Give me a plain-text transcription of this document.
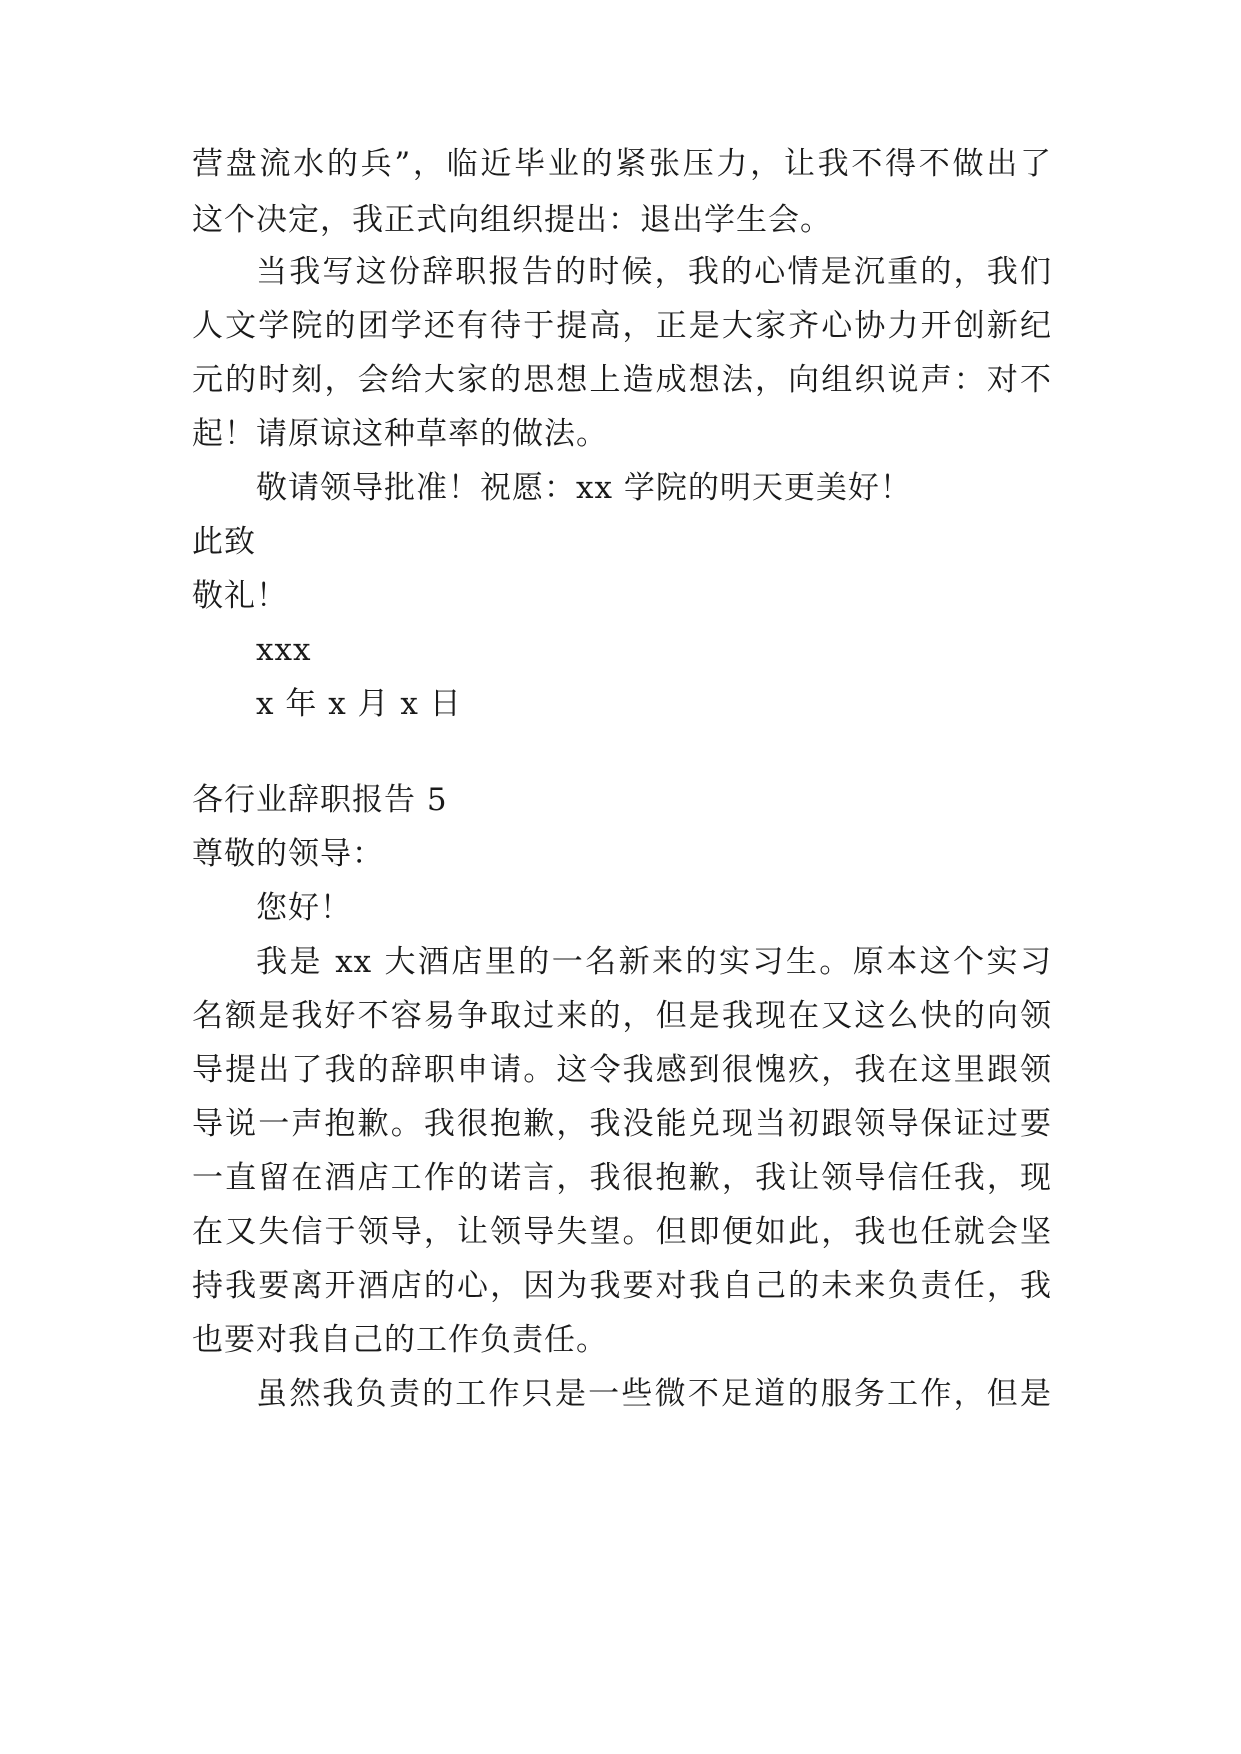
营盘流水的兵”，临近毕业的紧张压力，让我不得不做出了
这个决定，我正式向组织提出：退出学生会。
当我写这份辞职报告的时候，我的心情是沉重的，我们
人文学院的团学还有待于提高，正是大家齐心协力开创新纪
元的时刻，会给大家的思想上造成想法，向组织说声：对不
起！请原谅这种草率的做法。
敬请领导批准！祝愿：xx 学院的明天更美好！
此致
敬礼！
xxx
x 年 x 月 x 日
各行业辞职报告 5
尊敬的领导：
您好！
我是 xx 大酒店里的一名新来的实习生。原本这个实习
名额是我好不容易争取过来的，但是我现在又这么快的向领
导提出了我的辞职申请。这令我感到很愧疚，我在这里跟领
导说一声抱歉。我很抱歉，我没能兑现当初跟领导保证过要
一直留在酒店工作的诺言，我很抱歉，我让领导信任我，现
在又失信于领导，让领导失望。但即便如此，我也任就会坚
持我要离开酒店的心，因为我要对我自己的未来负责任，我
也要对我自己的工作负责任。
虽然我负责的工作只是一些微不足道的服务工作，但是
